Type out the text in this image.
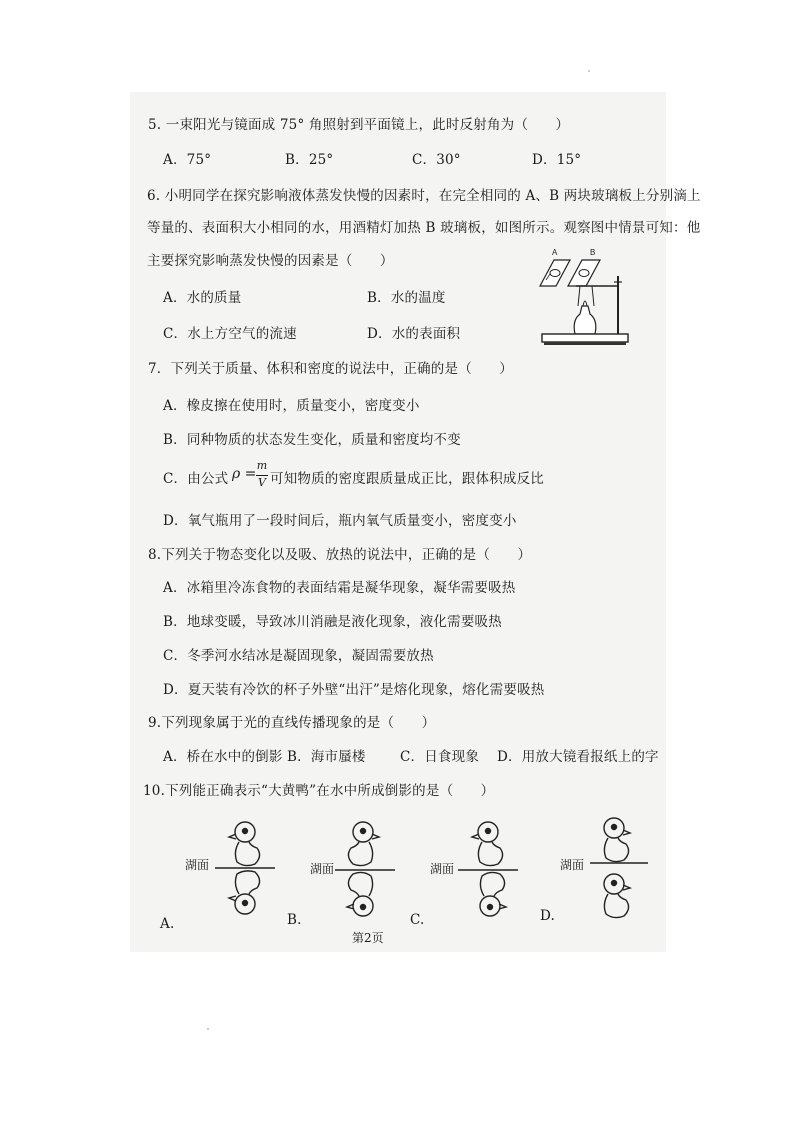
5. 一束阳光与镜面成 75° 角照射到平面镜上，此时反射角为（　　）
A．75°	B．25°	C．30°	D．15°
6. 小明同学在探究影响液体蒸发快慢的因素时，在完全相同的 A、B 两块玻璃板上分别滴上
等量的、表面积大小相同的水，用酒精灯加热 B 玻璃板，如图所示。观察图中情景可知：他
主要探究影响蒸发快慢的因素是（　　）
A．水的质量	B．水的温度
C．水上方空气的流速	D．水的表面积
A	B
7．下列关于质量、体积和密度的说法中，正确的是（　　）
A．橡皮擦在使用时，质量变小，密度变小
B．同种物质的状态发生变化，质量和密度均不变
C．由公式 ρ =
m
V 可知物质的密度跟质量成正比，跟体积成反比
D．氧气瓶用了一段时间后，瓶内氧气质量变小，密度变小
8.下列关于物态变化以及吸、放热的说法中，正确的是（　　）
A．冰箱里冷冻食物的表面结霜是凝华现象，凝华需要吸热
B．地球变暖，导致冰川消融是液化现象，液化需要吸热
C．冬季河水结冰是凝固现象，凝固需要放热
D．夏天装有冷饮的杯子外壁“出汗”是熔化现象，熔化需要吸热
9.下列现象属于光的直线传播现象的是（　　）
A．桥在水中的倒影 B．海市蜃楼	C．日食现象 D．用放大镜看报纸上的字
10.下列能正确表示“大黄鸭”在水中所成倒影的是（　　）
湖面	湖面	湖面	湖面
A.	B.	C.	D.
第2页
